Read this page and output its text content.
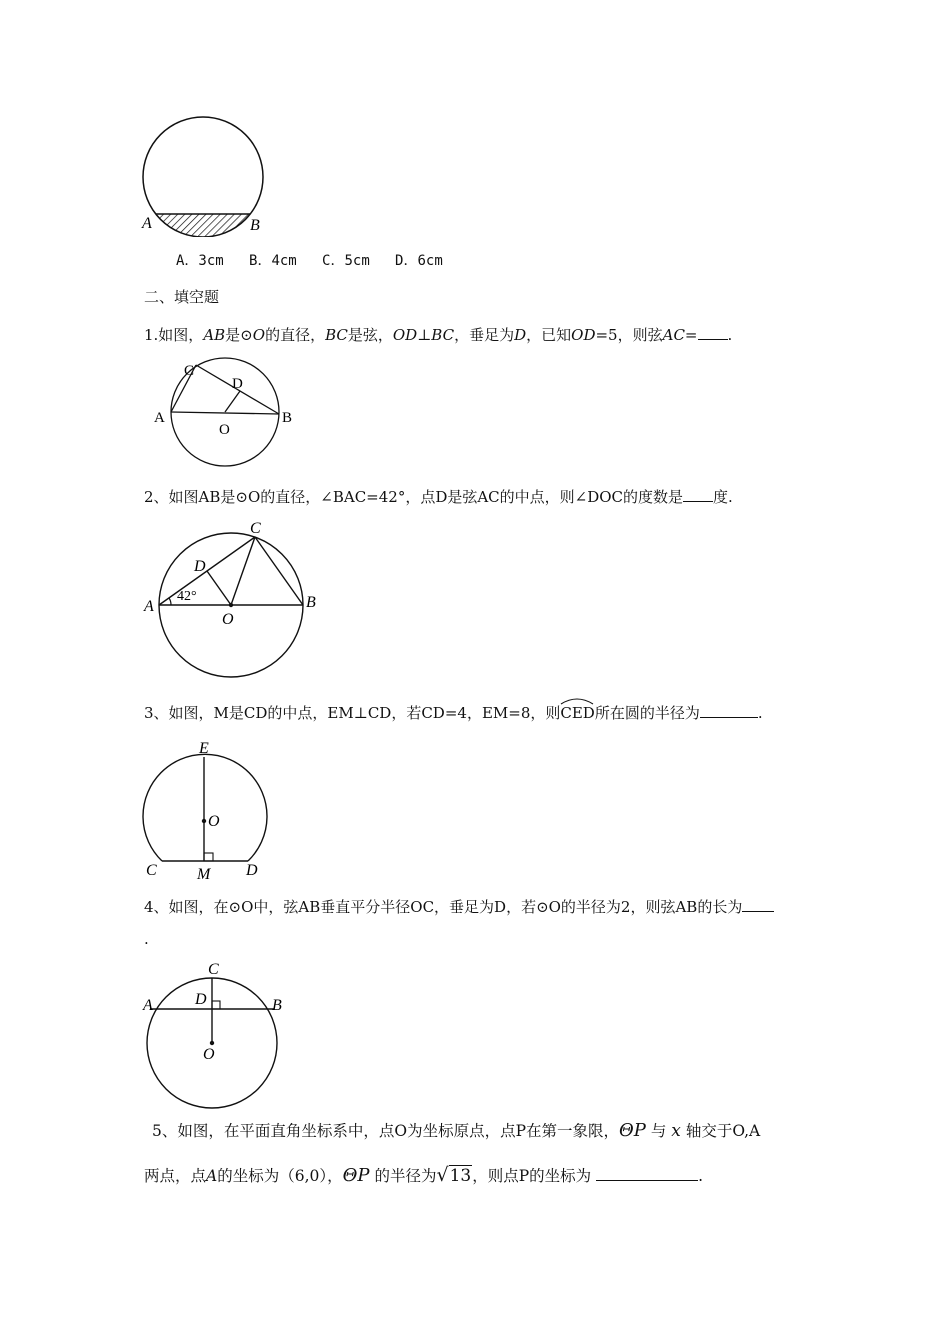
A	B
A．3cm B．4cm C．5cm D．6cm
二、填空题
1.如图，AB是⊙O的直径，BC是弦，OD⊥BC，垂足为D，已知OD=5，则弦AC= .
C
D
A	B
O
2、如图AB是⊙O的直径，∠BAC=42°，点D是弦AC的中点，则∠DOC的度数是 度.
42°
C
D
A	B
O
3、如图，M是CD的中点，EM⊥CD，若CD=4，EM=8，则
CED所在圆的半径为	.
E
O
C	M D
4、如图，在⊙O中，弦AB垂直平分半径OC，垂足为D，若⊙O的半径为2，则弦AB的长为
.
C
D
A	B
O
5、如图，在平面直角坐标系中，点O为坐标原点，点P在第一象限，ΘP 与 x 轴交于O,A
两点，点A的坐标为（6,0），ΘP 的半径为√13，则点P的坐标为	.
